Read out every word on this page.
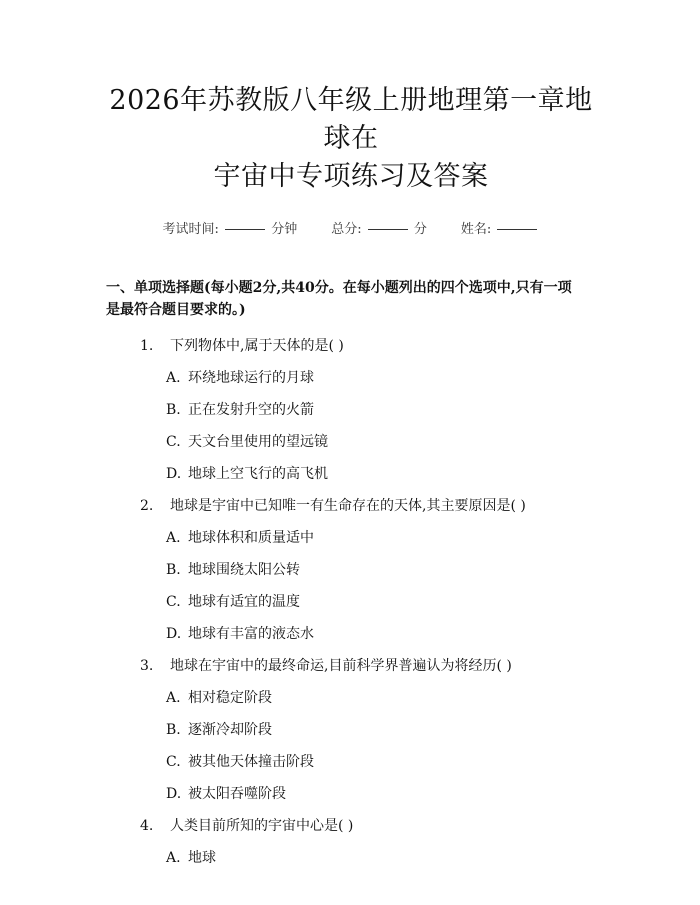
2026年苏教版八年级上册地理第一章地球在
宇宙中专项练习及答案
考试时间:	分钟	总分:	分	姓名:
一、单项选择题(每小题2分,共40分。在每小题列出的四个选项中,只有一项
是最符合题目要求的。)
1. 下列物体中,属于天体的是( )
A. 环绕地球运行的月球
B. 正在发射升空的火箭
C. 天文台里使用的望远镜
D. 地球上空飞行的高飞机
2. 地球是宇宙中已知唯一有生命存在的天体,其主要原因是( )
A. 地球体积和质量适中
B. 地球围绕太阳公转
C. 地球有适宜的温度
D. 地球有丰富的液态水
3. 地球在宇宙中的最终命运,目前科学界普遍认为将经历( )
A. 相对稳定阶段
B. 逐渐冷却阶段
C. 被其他天体撞击阶段
D. 被太阳吞噬阶段
4. 人类目前所知的宇宙中心是( )
A. 地球
